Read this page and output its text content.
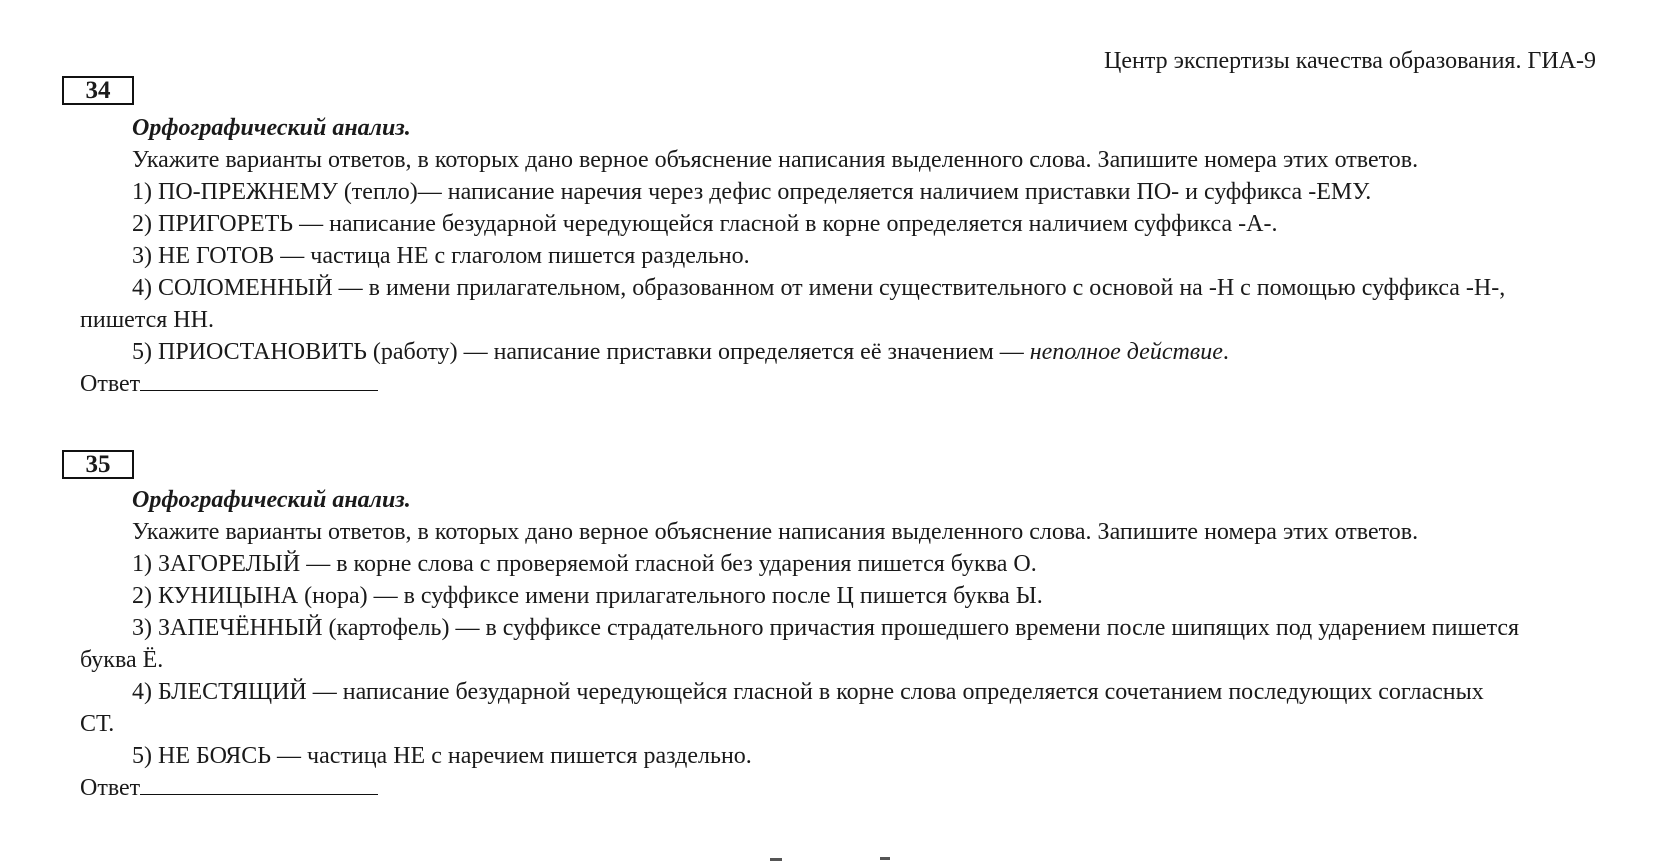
Центр экспертизы качества образования. ГИА-9
34

Орфографический анализ.

Укажите варианты ответов, в которых дано верное объяснение написания выделенного слова. Запишите номера этих ответов.

1) ПО-ПРЕЖНЕМУ (тепло)— написание наречия через дефис определяется наличием приставки ПО- и суффикса -ЕМУ.

2) ПРИГОРЕТЬ — написание безударной чередующейся гласной в корне определяется наличием суффикса -А-.

3) НЕ ГОТОВ — частица НЕ с глаголом пишется раздельно.

4) СОЛОМЕННЫЙ — в имени прилагательном, образованном от имени существительного с основой на -Н с помощью суффикса -Н-, пишется НН.

5) ПРИОСТАНОВИТЬ (работу) — написание приставки определяется её значением — неполное действие.

Ответ

35

Орфографический анализ.

Укажите варианты ответов, в которых дано верное объяснение написания выделенного слова. Запишите номера этих ответов.

1) ЗАГОРЕЛЫЙ — в корне слова с проверяемой гласной без ударения пишется буква О.

2) КУНИЦЫНА (нора) — в суффиксе имени прилагательного после Ц пишется буква Ы.

3) ЗАПЕЧЁННЫЙ (картофель) — в суффиксе страдательного причастия прошедшего времени после шипящих под ударением пишется буква Ё.

4) БЛЕСТЯЩИЙ — написание безударной чередующейся гласной в корне слова определяется сочетанием последующих согласных СТ.

5) НЕ БОЯСЬ — частица НЕ с наречием пишется раздельно.

Ответ
